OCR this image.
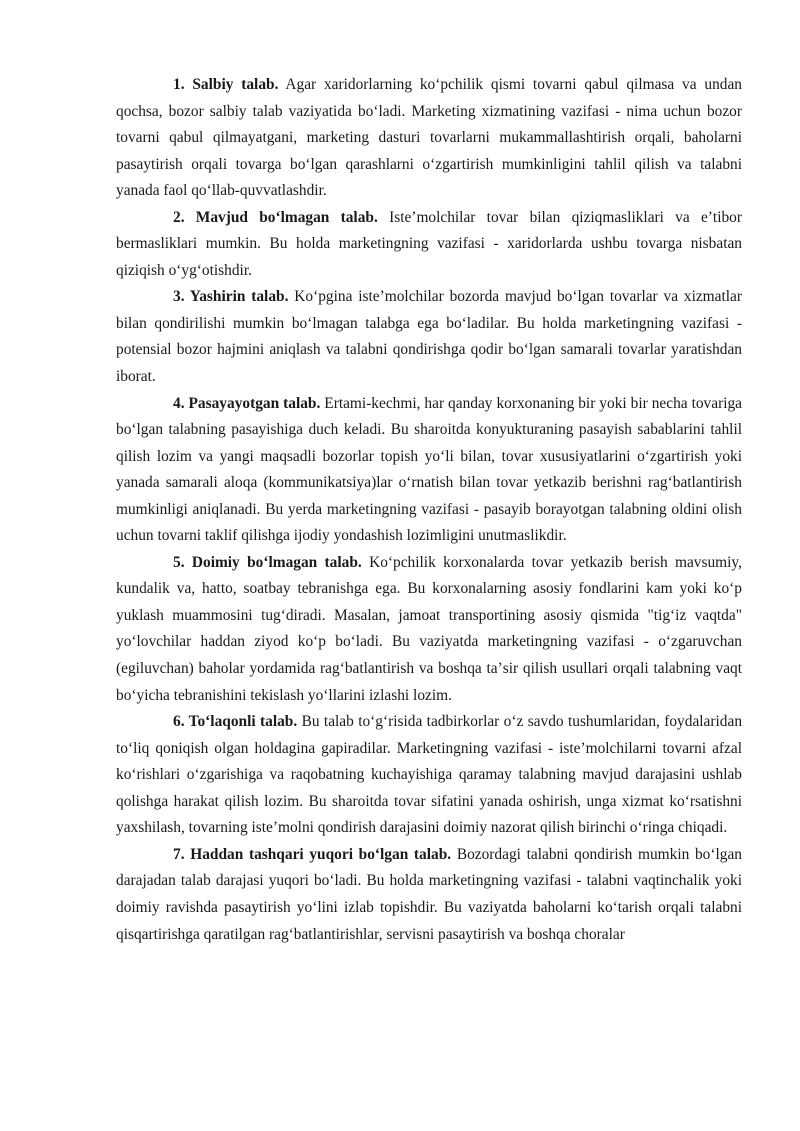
1. Salbiy talab. Agar xaridorlarning koʻpchilik qismi tovarni qabul qilmasa va undan qochsa, bozor salbiy talab vaziyatida boʻladi. Marketing xizmatining vazifasi - nima uchun bozor tovarni qabul qilmayatgani, marketing dasturi tovarlarni mukammallashtirish orqali, baholarni pasaytirish orqali tovarga boʻlgan qarashlarni oʻzgartirish mumkinligini tahlil qilish va talabni yanada faol qoʻllab-quvvatlashdir.

2. Mavjud boʻlmagan talab. Isteʼmolchilar tovar bilan qiziqmasliklari va eʼtibor bermasliklari mumkin. Bu holda marketingning vazifasi - xaridorlarda ushbu tovarga nisbatan qiziqish oʻygʻotishdir.

3. Yashirin talab. Koʻpgina isteʼmolchilar bozorda mavjud boʻlgan tovarlar va xizmatlar bilan qondirilishi mumkin boʻlmagan talabga ega boʻladilar. Bu holda marketingning vazifasi - potensial bozor hajmini aniqlash va talabni qondirishga qodir boʻlgan samarali tovarlar yaratishdan iborat.

4. Pasayayotgan talab. Ertami-kechmi, har qanday korxonaning bir yoki bir necha tovariga boʻlgan talabning pasayishiga duch keladi. Bu sharoitda konyukturaning pasayish sabablarini tahlil qilish lozim va yangi maqsadli bozorlar topish yoʻli bilan, tovar xususiyatlarini oʻzgartirish yoki yanada samarali aloqa (kommunikatsiya)lar oʻrnatish bilan tovar yetkazib berishni ragʻbatlantirish mumkinligi aniqlanadi. Bu yerda marketingning vazifasi - pasayib borayotgan talabning oldini olish uchun tovarni taklif qilishga ijodiy yondashish lozimligini unutmaslikdir.

5. Doimiy boʻlmagan talab. Koʻpchilik korxonalarda tovar yetkazib berish mavsumiy, kundalik va, hatto, soatbay tebranishga ega. Bu korxonalarning asosiy fondlarini kam yoki koʻp yuklash muammosini tugʻdiradi. Masalan, jamoat transportining asosiy qismida "tigʻiz vaqtda" yoʻlovchilar haddan ziyod koʻp boʻladi. Bu vaziyatda marketingning vazifasi - oʻzgaruvchan (egiluvchan) baholar yordamida ragʻbatlantirish va boshqa taʼsir qilish usullari orqali talabning vaqt boʻyicha tebranishini tekislash yoʻllarini izlashi lozim.

6. Toʻlaqonli talab. Bu talab toʻgʻrisida tadbirkorlar oʻz savdo tushumlaridan, foydalaridan toʻliq qoniqish olgan holdagina gapiradilar. Marketingning vazifasi - isteʼmolchilarni tovarni afzal koʻrishlari oʻzgarishiga va raqobatning kuchayishiga qaramay talabning mavjud darajasini ushlab qolishga harakat qilish lozim. Bu sharoitda tovar sifatini yanada oshirish, unga xizmat koʻrsatishni yaxshilash, tovarning isteʼmolni qondirish darajasini doimiy nazorat qilish birinchi oʻringa chiqadi.

7. Haddan tashqari yuqori boʻlgan talab. Bozordagi talabni qondirish mumkin boʻlgan darajadan talab darajasi yuqori boʻladi. Bu holda marketingning vazifasi - talabni vaqtinchalik yoki doimiy ravishda pasaytirish yoʻlini izlab topishdir. Bu vaziyatda baholarni koʻtarish orqali talabni qisqartirishga qaratilgan ragʻbatlantirishlar, servisni pasaytirish va boshqa choralar
